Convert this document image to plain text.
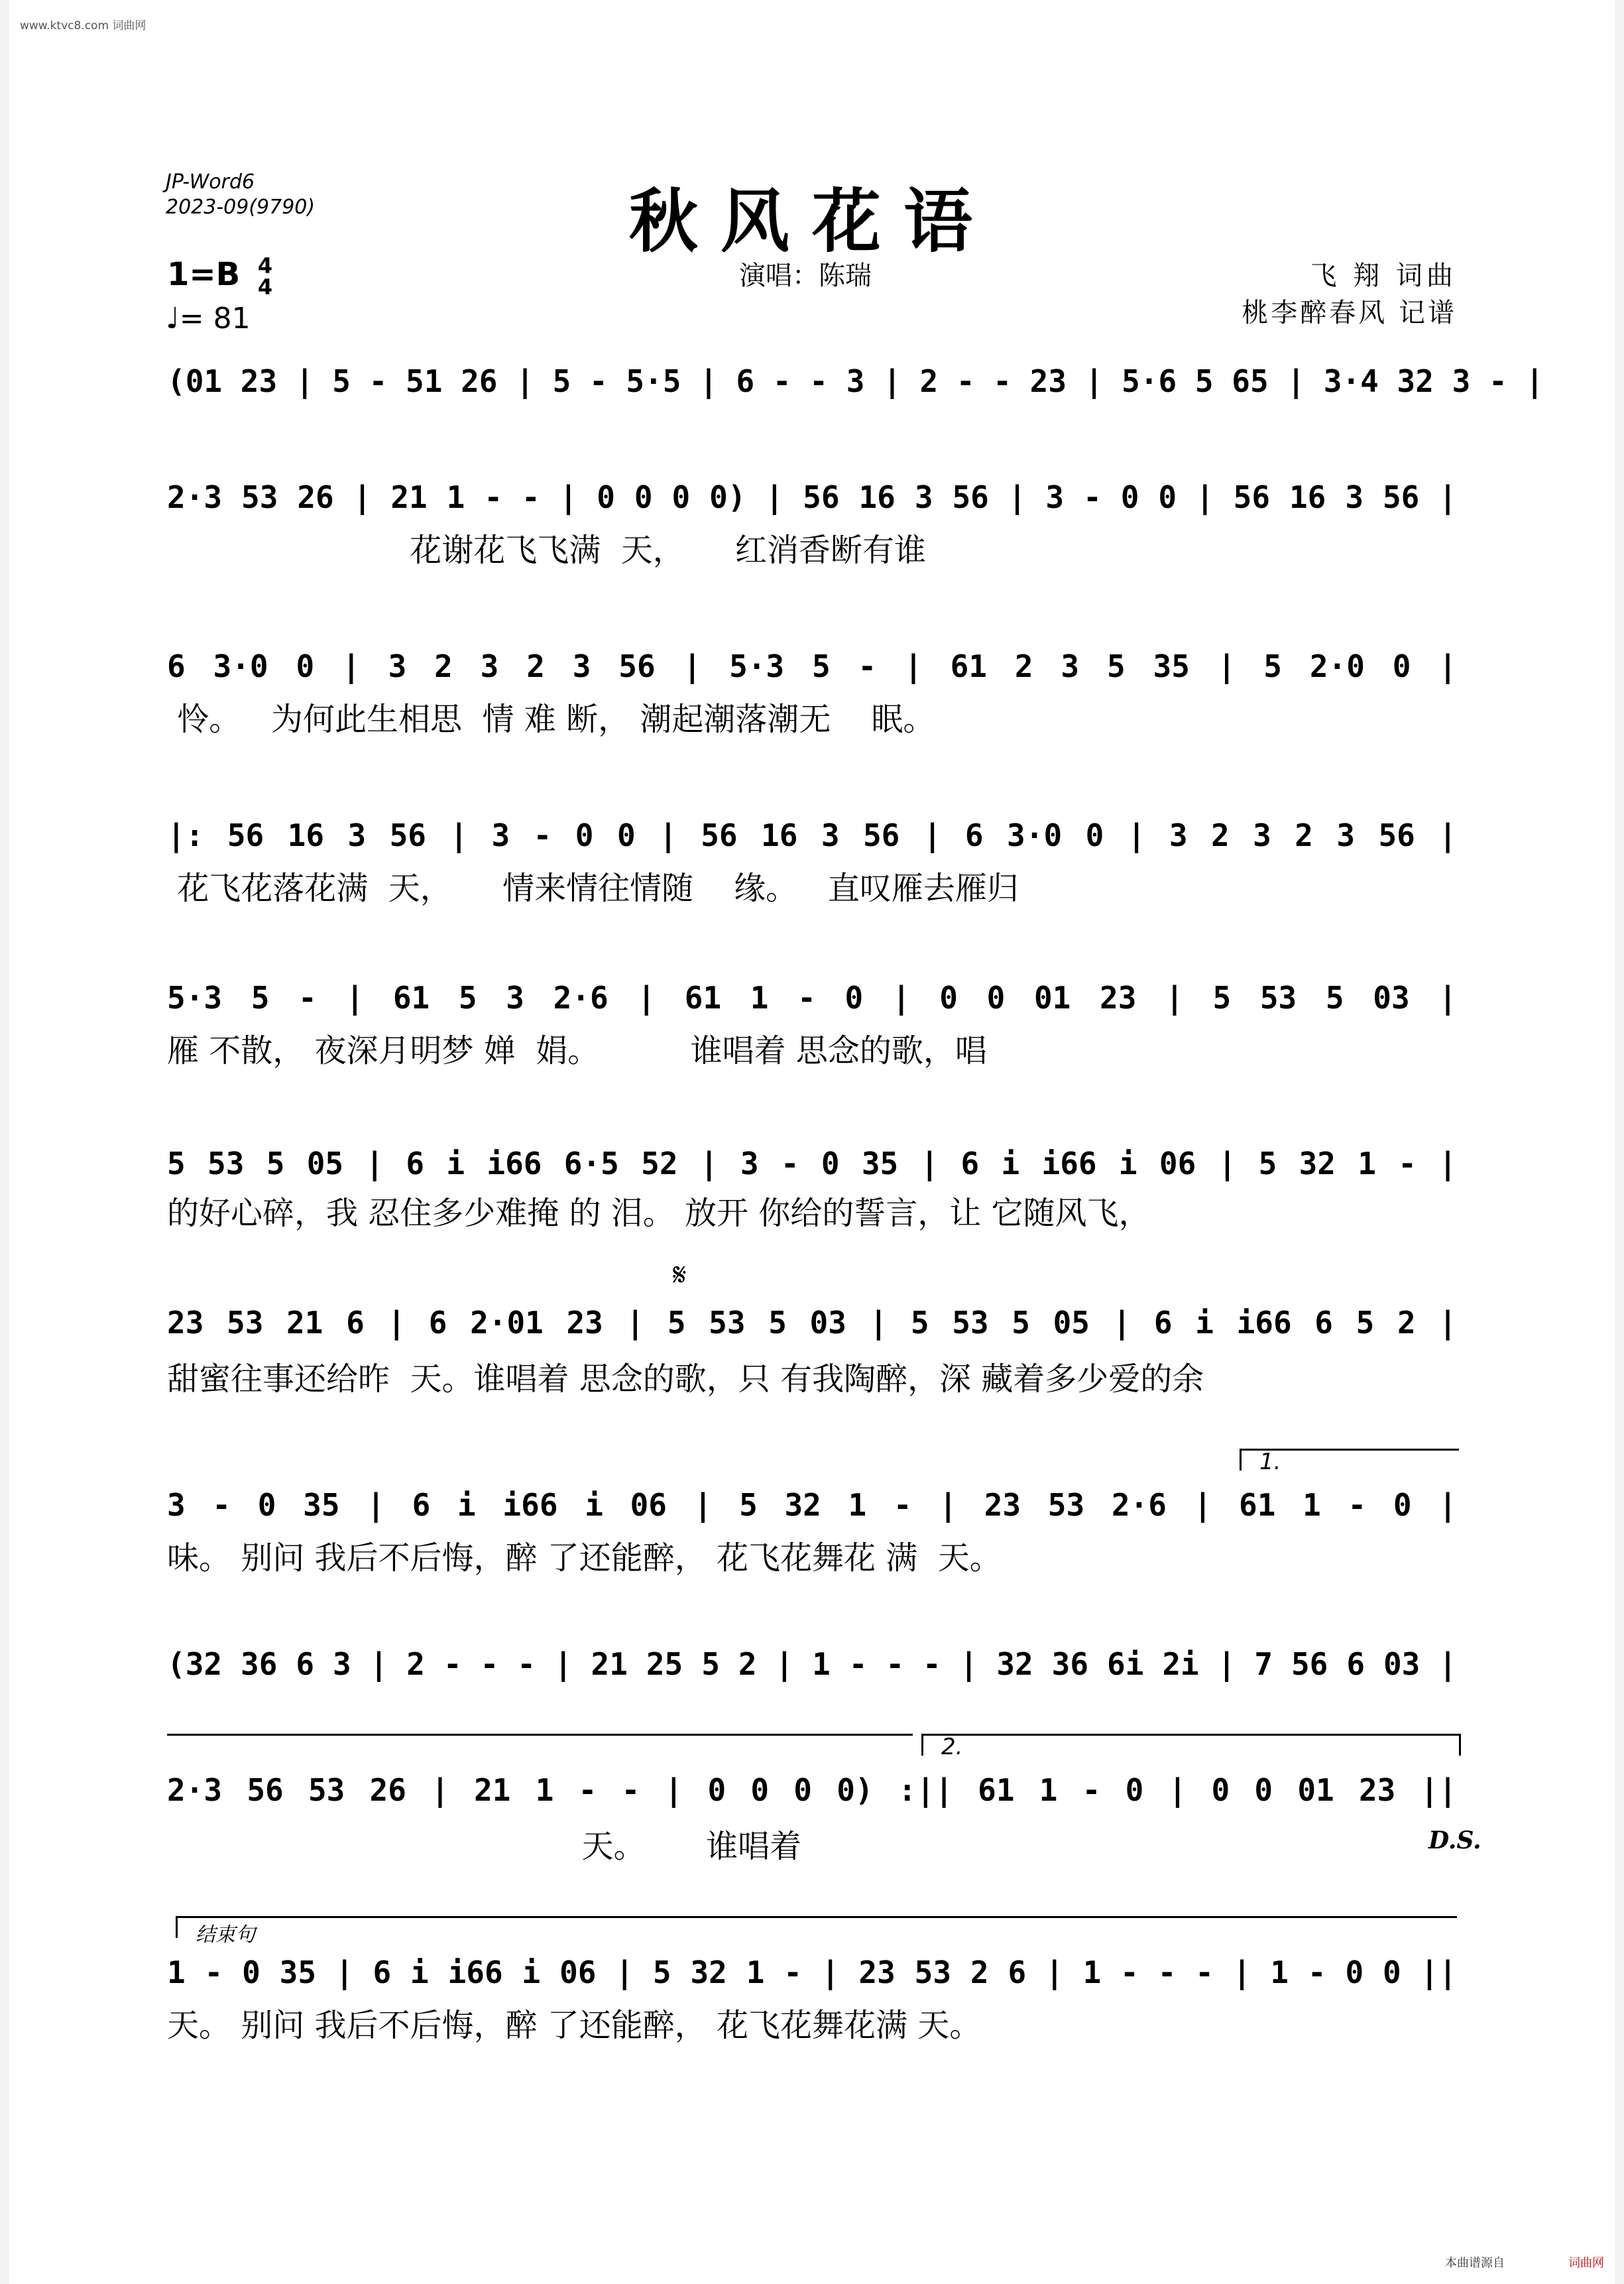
www.ktvc8.com 词曲网
JP-Word6
2023-09(9790)	秋风花语
1=B 4
4
♩= 81
演唱：陈瑞	飞 翔 词曲
桃李醉春风 记谱
(01 23 | 5 - 51 26 | 5 - 5·5 | 6 - - 3 | 2 - - 23 | 5·6 5 65 | 3·4 32 3 - |
2·3 53 26 | 21 1 - - | 0 0 0 0) | 56 16 3 56 | 3 - 0 0 | 56 16 3 56 |
花谢花飞飞满  天，     红消香断有谁
6 3·0 0 | 3 2 3 2 3 56 | 5·3 5 - | 61 2 3 5 35 | 5 2·0 0 |
怜。   为何此生相思  情 难 断， 潮起潮落潮无    眠。
|: 56 16 3 56 | 3 - 0 0 | 56 16 3 56 | 6 3·0 0 | 3 2 3 2 3 56 |
花飞花落花满  天，     情来情往情随    缘。   直叹雁去雁归
5·3 5 - | 61 5 3 2·6 | 61 1 - 0 | 0 0 01 23 | 5 53 5 03 |
雁 不散， 夜深月明梦 婵  娟。         谁唱着 思念的歌，唱
5 53 5 05 | 6 i i66 6·5 52 | 3 - 0 35 | 6 i i66 i 06 | 5 32 1 - |
的好心碎，我 忍住多少难掩 的 泪。 放开 你给的誓言，让 它随风飞，
𝄋
23 53 21 6 | 6 2·01 23 | 5 53 5 03 | 5 53 5 05 | 6 i i66 6 5 2 |
甜蜜往事还给昨  天。谁唱着 思念的歌，只 有我陶醉，深 藏着多少爱的余
1.
3 - 0 35 | 6 i i66 i 06 | 5 32 1 - | 23 53 2·6 | 61 1 - 0 |
味。 别问 我后不后悔，醉 了还能醉， 花飞花舞花 满  天。
(32 36 6 3 | 2 - - - | 21 25 5 2 | 1 - - - | 32 36 6i 2i | 7 56 6 03 |
2.
2·3 56 53 26 | 21 1 - - | 0 0 0 0) :|| 61 1 - 0 | 0 0 01 23 ||
天。      谁唱着	D.S.
结束句
1 - 0 35 | 6 i i66 i 06 | 5 32 1 - | 23 53 2 6 | 1 - - - | 1 - 0 0 ||
天。 别问 我后不后悔，醉 了还能醉， 花飞花舞花满 天。
本曲谱源自	词曲网
